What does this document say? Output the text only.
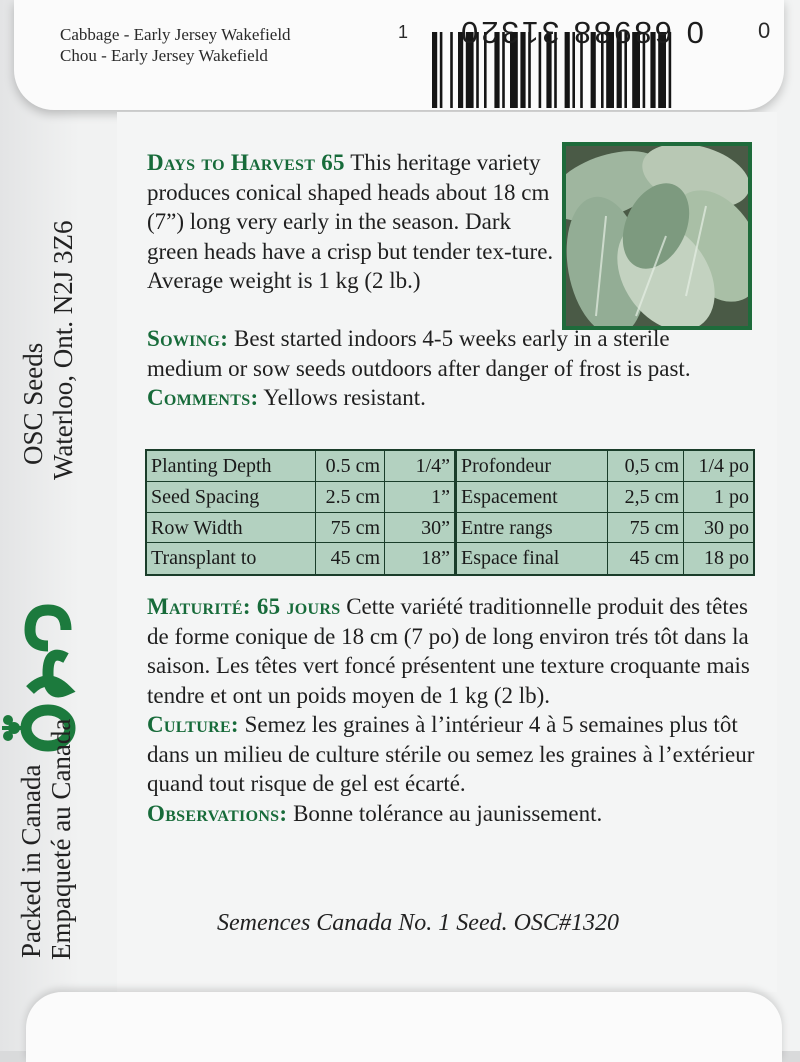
Cabbage - Early Jersey Wakefield
Chou - Early Jersey Wakefield
1 0 68988 31320 0
OSC Seeds Waterloo, Ont. N2J 3Z6
Packed in Canada Empaqueté au Canada
Days to Harvest 65 This heritage variety produces conical shaped heads about 18 cm (7”) long very early in the season. Dark green heads have a crisp but tender tex-ture. Average weight is 1 kg (2 lb.)
Sowing: Best started indoors 4-5 weeks early in a sterile medium or sow seeds outdoors after danger of frost is past.
Comments: Yellows resistant.
Planting Depth	0.5 cm	1/4” Profondeur	0,5 cm 1/4 po
Seed Spacing	2.5 cm	1” Espacement	2,5 cm	1 po
Row Width	75 cm	30” Entre rangs	75 cm	30 po
Transplant to	45 cm	18” Espace final	45 cm	18 po
Maturité: 65 jours Cette variété traditionnelle produit des têtes de forme conique de 18 cm (7 po) de long environ trés tôt dans la saison. Les têtes vert foncé présentent une texture croquante mais tendre et ont un poids moyen de 1 kg (2 lb).
Culture: Semez les graines à l’intérieur 4 à 5 semaines plus tôt dans un milieu de culture stérile ou semez les graines à l’extérieur quand tout risque de gel est écarté.
Observations: Bonne tolérance au jaunissement.
Semences Canada No. 1 Seed. OSC#1320
